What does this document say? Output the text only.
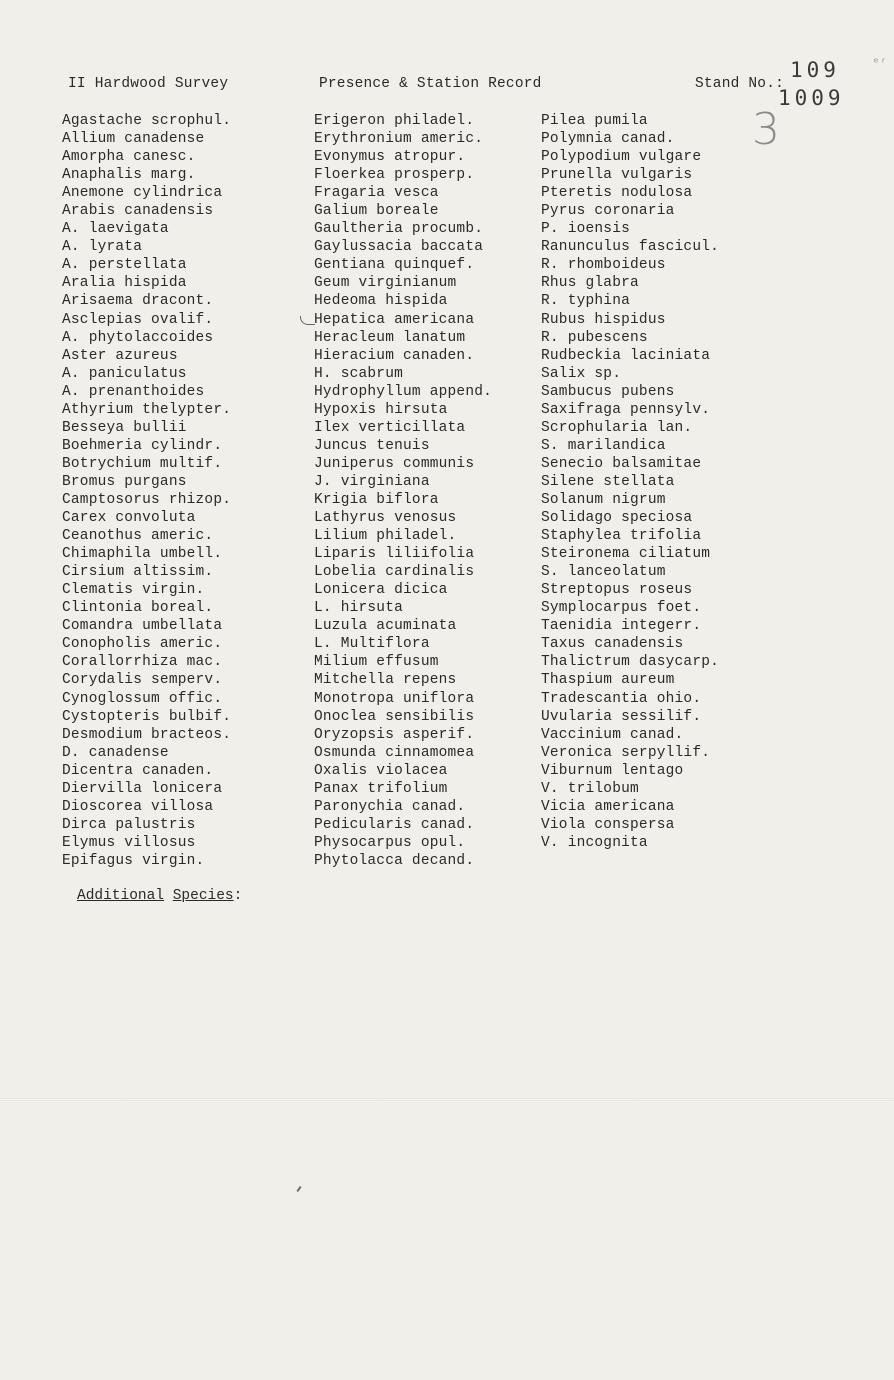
II Hardwood Survey	Presence & Station Record	Stand No.:
109
1009
3
ᵉʳ
Agastache scrophul.
Allium canadense
Amorpha canesc.
Anaphalis marg.
Anemone cylindrica
Arabis canadensis
A. laevigata
A. lyrata
A. perstellata
Aralia hispida
Arisaema dracont.
Asclepias ovalif.
A. phytolaccoides
Aster azureus
A. paniculatus
A. prenanthoides
Athyrium thelypter.
Besseya bullii
Boehmeria cylindr.
Botrychium multif.
Bromus purgans
Camptosorus rhizop.
Carex convoluta
Ceanothus americ.
Chimaphila umbell.
Cirsium altissim.
Clematis virgin.
Clintonia boreal.
Comandra umbellata
Conopholis americ.
Corallorrhiza mac.
Corydalis semperv.
Cynoglossum offic.
Cystopteris bulbif.
Desmodium bracteos.
D. canadense
Dicentra canaden.
Diervilla lonicera
Dioscorea villosa
Dirca palustris
Elymus villosus
Epifagus virgin.
Erigeron philadel.
Erythronium americ.
Evonymus atropur.
Floerkea prosperp.
Fragaria vesca
Galium boreale
Gaultheria procumb.
Gaylussacia baccata
Gentiana quinquef.
Geum virginianum
Hedeoma hispida
Hepatica americana
Heracleum lanatum
Hieracium canaden.
H. scabrum
Hydrophyllum append.
Hypoxis hirsuta
Ilex verticillata
Juncus tenuis
Juniperus communis
J. virginiana
Krigia biflora
Lathyrus venosus
Lilium philadel.
Liparis liliifolia
Lobelia cardinalis
Lonicera dicica
L. hirsuta
Luzula acuminata
L. Multiflora
Milium effusum
Mitchella repens
Monotropa uniflora
Onoclea sensibilis
Oryzopsis asperif.
Osmunda cinnamomea
Oxalis violacea
Panax trifolium
Paronychia canad.
Pedicularis canad.
Physocarpus opul.
Phytolacca decand.
Pilea pumila
Polymnia canad.
Polypodium vulgare
Prunella vulgaris
Pteretis nodulosa
Pyrus coronaria
P. ioensis
Ranunculus fascicul.
R. rhomboideus
Rhus glabra
R. typhina
Rubus hispidus
R. pubescens
Rudbeckia laciniata
Salix sp.
Sambucus pubens
Saxifraga pennsylv.
Scrophularia lan.
S. marilandica
Senecio balsamitae
Silene stellata
Solanum nigrum
Solidago speciosa
Staphylea trifolia
Steironema ciliatum
S. lanceolatum
Streptopus roseus
Symplocarpus foet.
Taenidia integerr.
Taxus canadensis
Thalictrum dasycarp.
Thaspium aureum
Tradescantia ohio.
Uvularia sessilif.
Vaccinium canad.
Veronica serpyllif.
Viburnum lentago
V. trilobum
Vicia americana
Viola conspersa
V. incognita
Additional Species:
